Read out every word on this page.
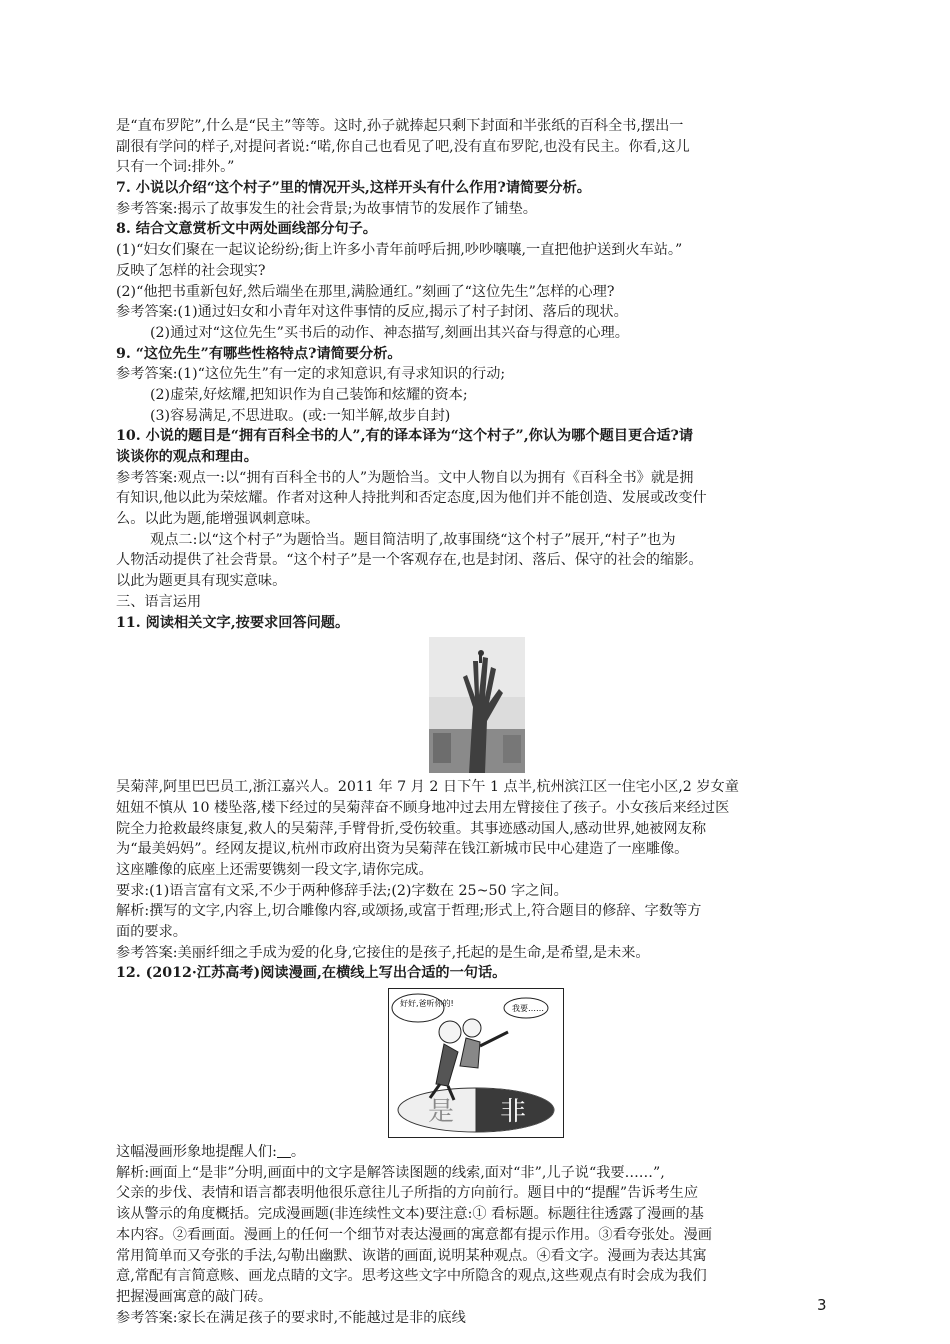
是“直布罗陀”,什么是“民主”等等。这时,孙子就捧起只剩下封面和半张纸的百科全书,摆出一
副很有学问的样子,对提问者说:“喏,你自己也看见了吧,没有直布罗陀,也没有民主。你看,这儿
只有一个词:排外。”
7. 小说以介绍“这个村子”里的情况开头,这样开头有什么作用?请简要分析。
参考答案:揭示了故事发生的社会背景;为故事情节的发展作了铺垫。
8. 结合文意赏析文中两处画线部分句子。
(1)“妇女们聚在一起议论纷纷;街上许多小青年前呼后拥,吵吵嚷嚷,一直把他护送到火车站。”
反映了怎样的社会现实?
(2)“他把书重新包好,然后端坐在那里,满脸通红。”刻画了“这位先生”怎样的心理?
参考答案:(1)通过妇女和小青年对这件事情的反应,揭示了村子封闭、落后的现状。
(2)通过对“这位先生”买书后的动作、神态描写,刻画出其兴奋与得意的心理。
9. “这位先生”有哪些性格特点?请简要分析。
参考答案:(1)“这位先生”有一定的求知意识,有寻求知识的行动;
(2)虚荣,好炫耀,把知识作为自己装饰和炫耀的资本;
(3)容易满足,不思进取。(或:一知半解,故步自封)
10. 小说的题目是“拥有百科全书的人”,有的译本译为“这个村子”,你认为哪个题目更合适?请
谈谈你的观点和理由。
参考答案:观点一:以“拥有百科全书的人”为题恰当。文中人物自以为拥有《百科全书》就是拥
有知识,他以此为荣炫耀。作者对这种人持批判和否定态度,因为他们并不能创造、发展或改变什
么。以此为题,能增强讽刺意味。
观点二:以“这个村子”为题恰当。题目简洁明了,故事围绕“这个村子”展开,“村子”也为
人物活动提供了社会背景。“这个村子”是一个客观存在,也是封闭、落后、保守的社会的缩影。
以此为题更具有现实意味。
三、语言运用
11. 阅读相关文字,按要求回答问题。
吴菊萍,阿里巴巴员工,浙江嘉兴人。2011 年 7 月 2 日下午 1 点半,杭州滨江区一住宅小区,2 岁女童
妞妞不慎从 10 楼坠落,楼下经过的吴菊萍奋不顾身地冲过去用左臂接住了孩子。小女孩后来经过医
院全力抢救最终康复,救人的吴菊萍,手臂骨折,受伤较重。其事迹感动国人,感动世界,她被网友称
为“最美妈妈”。经网友提议,杭州市政府出资为吴菊萍在钱江新城市民中心建造了一座雕像。
这座雕像的底座上还需要镌刻一段文字,请你完成。
要求:(1)语言富有文采,不少于两种修辞手法;(2)字数在 25~50 字之间。
解析:撰写的文字,内容上,切合雕像内容,或颂扬,或富于哲理;形式上,符合题目的修辞、字数等方
面的要求。
参考答案:美丽纤细之手成为爱的化身,它接住的是孩子,托起的是生命,是希望,是未来。
12. (2012·江苏高考)阅读漫画,在横线上写出合适的一句话。
是 非
好好,爸听你的!
我要……
这幅漫画形象地提醒人们: 。
解析:画面上“是非”分明,画面中的文字是解答读图题的线索,面对“非”,儿子说“我要……”,
父亲的步伐、表情和语言都表明他很乐意往儿子所指的方向前行。题目中的“提醒”告诉考生应
该从警示的角度概括。完成漫画题(非连续性文本)要注意:① 看标题。标题往往透露了漫画的基
本内容。②看画面。漫画上的任何一个细节对表达漫画的寓意都有提示作用。③看夸张处。漫画
常用简单而又夸张的手法,勾勒出幽默、诙谐的画面,说明某种观点。④看文字。漫画为表达其寓
意,常配有言简意赅、画龙点睛的文字。思考这些文字中所隐含的观点,这些观点有时会成为我们
把握漫画寓意的敲门砖。
参考答案:家长在满足孩子的要求时,不能越过是非的底线
3
